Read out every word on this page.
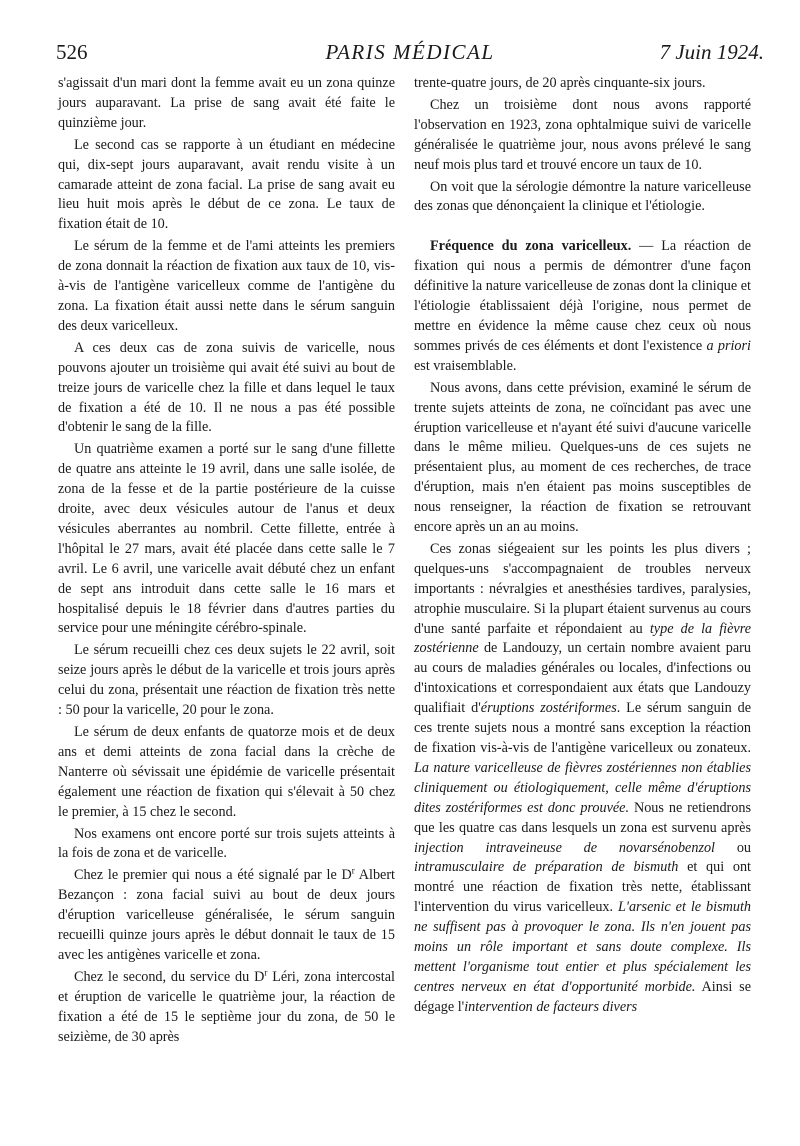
526	PARIS MÉDICAL	7 Juin 1924.

s'agissait d'un mari dont la femme avait eu un zona quinze jours auparavant. La prise de sang avait été faite le quinzième jour.

Le second cas se rapporte à un étudiant en médecine qui, dix-sept jours auparavant, avait rendu visite à un camarade atteint de zona facial. La prise de sang avait eu lieu huit mois après le début de ce zona. Le taux de fixation était de 10.

Le sérum de la femme et de l'ami atteints les premiers de zona donnait la réaction de fixation aux taux de 10, vis-à-vis de l'antigène varicelleux comme de l'antigène du zona. La fixation était aussi nette dans le sérum sanguin des deux varicelleux.

A ces deux cas de zona suivis de varicelle, nous pouvons ajouter un troisième qui avait été suivi au bout de treize jours de varicelle chez la fille et dans lequel le taux de fixation a été de 10. Il ne nous a pas été possible d'obtenir le sang de la fille.

Un quatrième examen a porté sur le sang d'une fillette de quatre ans atteinte le 19 avril, dans une salle isolée, de zona de la fesse et de la partie postérieure de la cuisse droite, avec deux vésicules autour de l'anus et deux vésicules aberrantes au nombril. Cette fillette, entrée à l'hôpital le 27 mars, avait été placée dans cette salle le 7 avril. Le 6 avril, une varicelle avait débuté chez un enfant de sept ans introduit dans cette salle le 16 mars et hospitalisé depuis le 18 février dans d'autres parties du service pour une méningite cérébro-spinale.

Le sérum recueilli chez ces deux sujets le 22 avril, soit seize jours après le début de la varicelle et trois jours après celui du zona, présentait une réaction de fixation très nette : 50 pour la varicelle, 20 pour le zona.

Le sérum de deux enfants de quatorze mois et de deux ans et demi atteints de zona facial dans la crèche de Nanterre où sévissait une épidémie de varicelle présentait également une réaction de fixation qui s'élevait à 50 chez le premier, à 15 chez le second.

Nos examens ont encore porté sur trois sujets atteints à la fois de zona et de varicelle.

Chez le premier qui nous a été signalé par le $D^r$ Albert Bezançon : zona facial suivi au bout de deux jours d'éruption varicelleuse généralisée, le sérum sanguin recueilli quinze jours après le début donnait le taux de 15 avec les antigènes varicelle et zona.

Chez le second, du service du $D^r$ Léri, zona intercostal et éruption de varicelle le quatrième jour, la réaction de fixation a été de 15 le septième jour du zona, de 50 le seizième, de 30 après

trente-quatre jours, de 20 après cinquante-six jours.

Chez un troisième dont nous avons rapporté l'observation en 1923, zona ophtalmique suivi de varicelle généralisée le quatrième jour, nous avons prélevé le sang neuf mois plus tard et trouvé encore un taux de 10.

On voit que la sérologie démontre la nature varicelleuse des zonas que dénonçaient la clinique et l'étiologie.

Fréquence du zona varicelleux. — La réaction de fixation qui nous a permis de démontrer d'une façon définitive la nature varicelleuse de zonas dont la clinique et l'étiologie établissaient déjà l'origine, nous permet de mettre en évidence la même cause chez ceux où nous sommes privés de ces éléments et dont l'existence a priori est vraisemblable.

Nous avons, dans cette prévision, examiné le sérum de trente sujets atteints de zona, ne coïncidant pas avec une éruption varicelleuse et n'ayant été suivi d'aucune varicelle dans le même milieu. Quelques-uns de ces sujets ne présentaient plus, au moment de ces recherches, de trace d'éruption, mais n'en étaient pas moins susceptibles de nous renseigner, la réaction de fixation se retrouvant encore après un an au moins.

Ces zonas siégeaient sur les points les plus divers ; quelques-uns s'accompagnaient de troubles nerveux importants : névralgies et anesthésies tardives, paralysies, atrophie musculaire. Si la plupart étaient survenus au cours d'une santé parfaite et répondaient au type de la fièvre zostérienne de Landouzy, un certain nombre avaient paru au cours de maladies générales ou locales, d'infections ou d'intoxications et correspondaient aux états que Landouzy qualifiait d'éruptions zostériformes. Le sérum sanguin de ces trente sujets nous a montré sans exception la réaction de fixation vis-à-vis de l'antigène varicelleux ou zonateux. La nature varicelleuse de fièvres zostériennes non établies cliniquement ou étiologiquement, celle même d'éruptions dites zostériformes est donc prouvée. Nous ne retiendrons que les quatre cas dans lesquels un zona est survenu après injection intraveineuse de novarsénobenzol ou intramusculaire de préparation de bismuth et qui ont montré une réaction de fixation très nette, établissant l'intervention du virus varicelleux. L'arsenic et le bismuth ne suffisent pas à provoquer le zona. Ils n'en jouent pas moins un rôle important et sans doute complexe. Ils mettent l'organisme tout entier et plus spécialement les centres nerveux en état d'opportunité morbide. Ainsi se dégage l'intervention de facteurs divers
